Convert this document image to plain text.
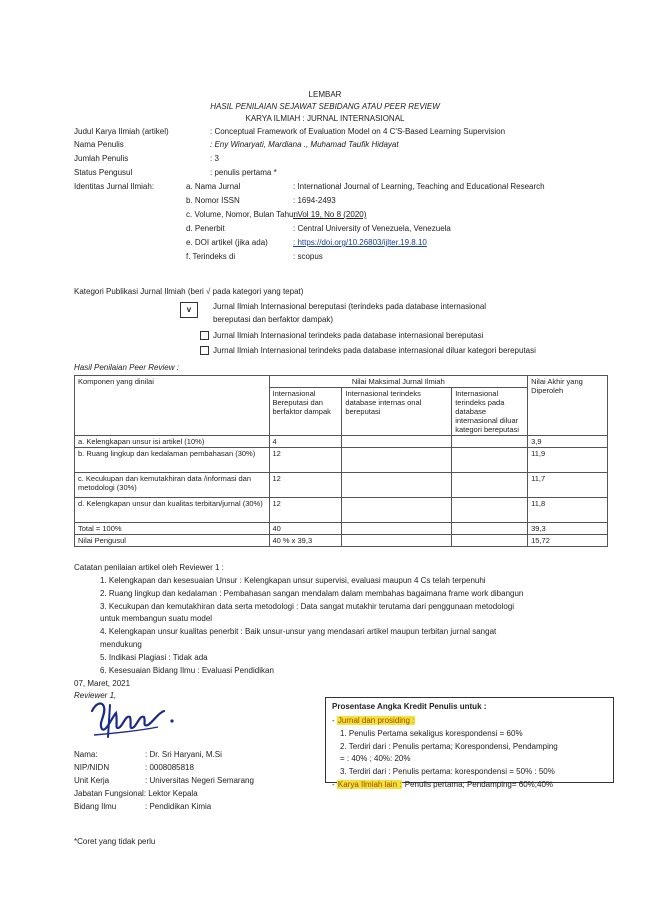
LEMBAR
HASIL PENILAIAN SEJAWAT SEBIDANG ATAU PEER REVIEW
KARYA ILMIAH : JURNAL INTERNASIONAL
Judul Karya Ilmiah (artikel)	: Conceptual Framework of Evaluation Model on 4 C'S-Based Learning Supervision
Nama Penulis	: Eny Winaryati, Mardiana ., Muhamad Taufik Hidayat
Jumlah Penulis	: 3
Status Pengusul	: penulis pertama *
Identitas Jurnal Ilmiah:	a. Nama Jurnal	: International Journal of Learning, Teaching and Educational Research
b. Nomor ISSN	: 1694-2493
c. Volume, Nomor, Bulan Tahun
: Vol 19, No 8 (2020)
d. Penerbit	: Central University of Venezuela, Venezuela
e. DOI artikel (jika ada)	: https://doi.org/10.26803/ijlter.19.8.10
f. Terindeks di	: scopus
Kategori Publikasi Jurnal Ilmiah (beri √ pada kategori yang tepat)
v	Jurnal Ilmiah Internasional bereputasi (terindeks pada database internasional
bereputasi dan berfaktor dampak)
Jurnal Ilmiah Internasional terindeks pada database internasional bereputasi
Jurnal Ilmiah Internasional terindeks pada database internasional diluar kategori bereputasi
Hasil Penilaian Peer Review :
Komponen yang dinilai	Nilai Maksimal Jurnal Ilmiah			Nilai Akhir yang Diperoleh
	Internasional Bereputasi dan berfaktor dampak	Internasional terindeks database internas onal bereputasi	Internasional terindeks pada database internasional diluar kategori bereputasi	
a. Kelengkapan unsur isi artikel (10%)	4			3,9
b. Ruang lingkup dan kedalaman pembahasan (30%)	12			11,9
c. Kecukupan dan kemutakhiran data /informasi dan metodologi (30%)	12			11,7
d. Kelengkapan unsur dan kualitas terbitan/jurnal (30%)	12			11,8
Total = 100%	40			39,3
Nilai Pengusul	40 % x 39,3			15,72
Catatan penilaian artikel oleh Reviewer 1 :
1. Kelengkapan dan kesesuaian Unsur : Kelengkapan unsur supervisi, evaluasi maupun 4 Cs telah terpenuhi
2. Ruang lingkup dan kedalaman : Pembahasan sangan mendalam dalam membahas bagaimana frame work dibangun
3. Kecukupan dan kemutakhiran data serta metodologi : Data sangat mutakhir terutama dari penggunaan metodologi
untuk membangun suatu model
4. Kelengkapan unsur kualitas penerbit : Baik unsur-unsur yang mendasari artikel maupun terbitan jurnal sangat
mendukung
5. Indikasi Plagiasi : Tidak ada
6. Kesesuaian Bidang Ilmu : Evaluasi Pendidikan
07, Maret, 2021
Reviewer 1,
Nama:	: Dr. Sri Haryani, M.Si
NIP/NIDN	: 0008085818
Unit Kerja	: Universitas Negeri Semarang
Jabatan Fungsional: Lektor Kepala
Bidang Ilmu	: Pendidikan Kimia
*Coret yang tidak perlu
Prosentase Angka Kredit Penulis untuk :
- Jurnal dan prosiding :
1. Penulis Pertama sekaligus korespondensi = 60%
2. Terdiri dari : Penulis pertama; Korespondensi, Pendamping
= : 40% ; 40%: 20%
3. Terdiri dari : Penulis pertama: korespondensi = 50% : 50%
- Karya Ilmiah lain : Penulis pertama; Pendamping= 60%;40%
